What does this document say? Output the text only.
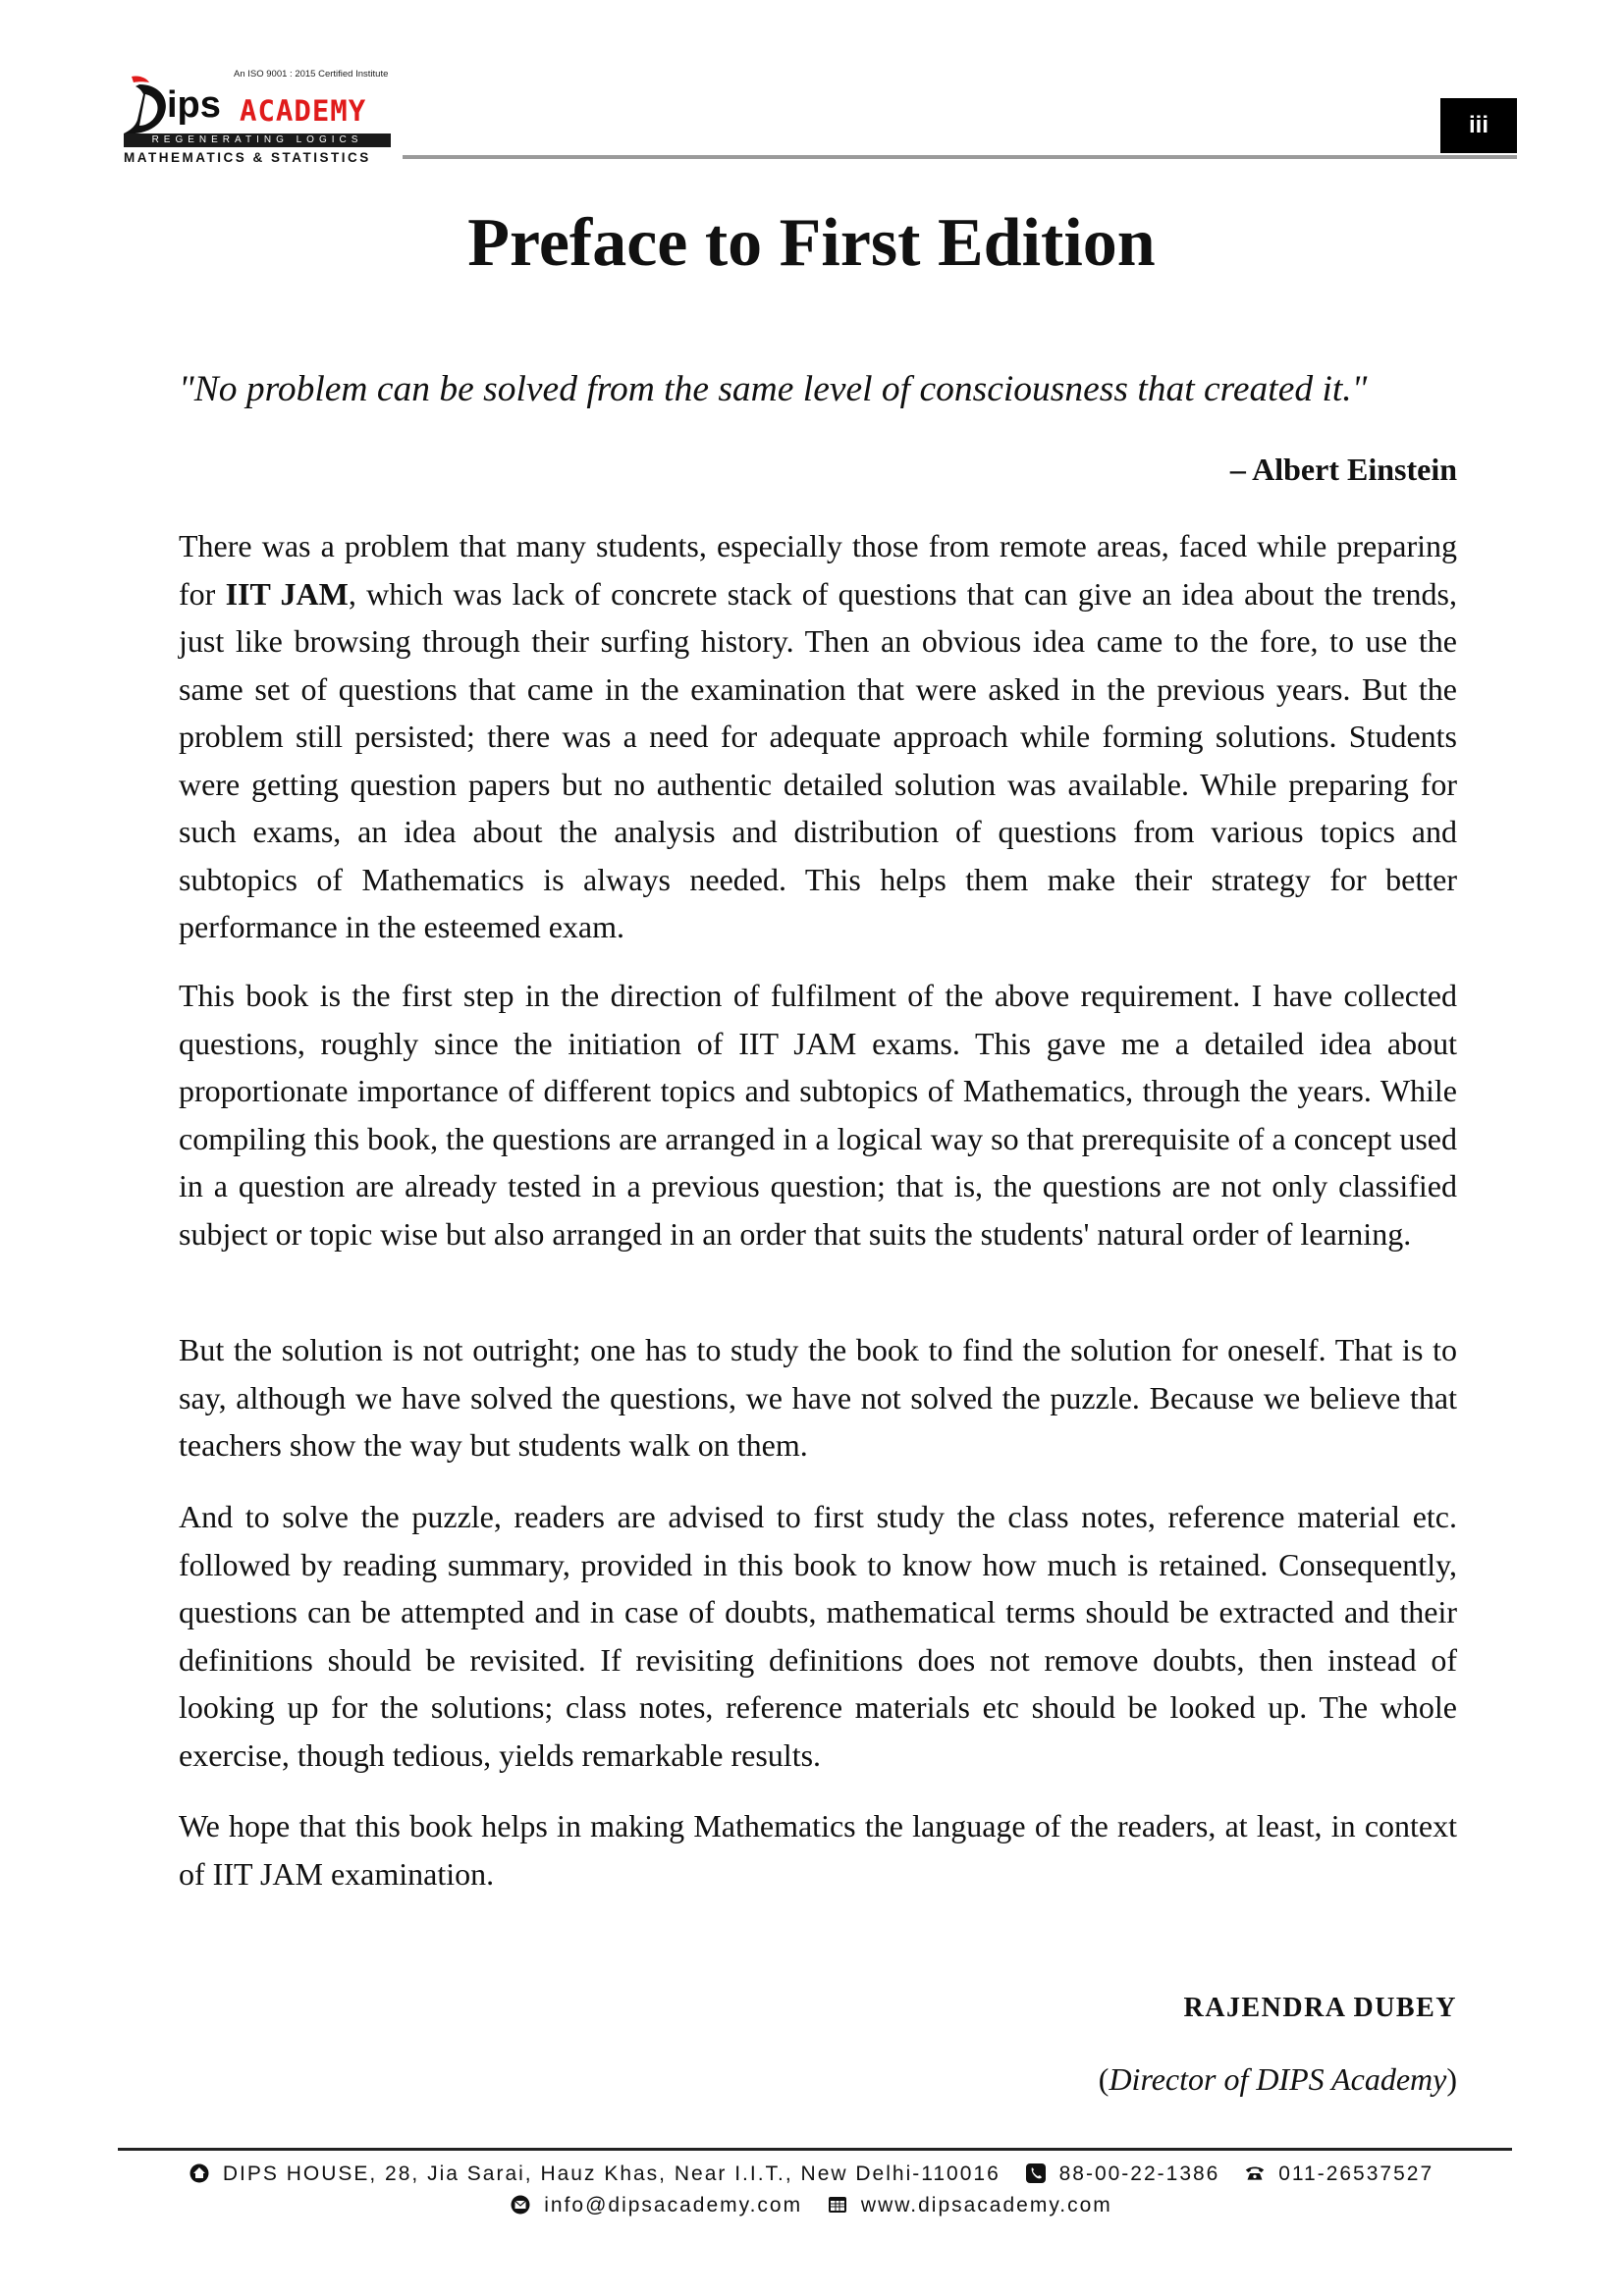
An ISO 9001 : 2015 Certified Institute
ips ACADEMY
REGENERATING LOGICS
MATHEMATICS & STATISTICS
iii
Preface to First Edition
"No problem can be solved from the same level of consciousness that created it."
– Albert Einstein

There was a problem that many students, especially those from remote areas, faced while preparing for IIT JAM, which was lack of concrete stack of questions that can give an idea about the trends, just like browsing through their surfing history. Then an obvious idea came to the fore, to use the same set of questions that came in the examination that were asked in the previous years. But the problem still persisted; there was a need for adequate approach while forming solutions. Students were getting question papers but no authentic detailed solution was available. While preparing for such exams, an idea about the analysis and distribution of questions from various topics and subtopics of Mathematics is always needed. This helps them make their strategy for better performance in the esteemed exam.

This book is the first step in the direction of fulfilment of the above requirement. I have collected questions, roughly since the initiation of IIT JAM exams. This gave me a detailed idea about proportionate importance of different topics and subtopics of Mathematics, through the years. While compiling this book, the questions are arranged in a logical way so that prerequisite of a concept used in a question are already tested in a previous question; that is, the questions are not only classified subject or topic wise but also arranged in an order that suits the students' natural order of learning.

But the solution is not outright; one has to study the book to find the solution for oneself. That is to say, although we have solved the questions, we have not solved the puzzle. Because we believe that teachers show the way but students walk on them.

And to solve the puzzle, readers are advised to first study the class notes, reference material etc. followed by reading summary, provided in this book to know how much is retained. Consequently, questions can be attempted and in case of doubts, mathematical terms should be extracted and their definitions should be revisited. If revisiting definitions does not remove doubts, then instead of looking up for the solutions; class notes, reference materials etc should be looked up. The whole exercise, though tedious, yields remarkable results.

We hope that this book helps in making Mathematics the language of the readers, at least, in context of IIT JAM examination.

RAJENDRA DUBEY
(Director of DIPS Academy)
DIPS HOUSE, 28, Jia Sarai, Hauz Khas, Near I.I.T., New Delhi-110016	88-00-22-1386	011-26537527
info@dipsacademy.com	www.dipsacademy.com
